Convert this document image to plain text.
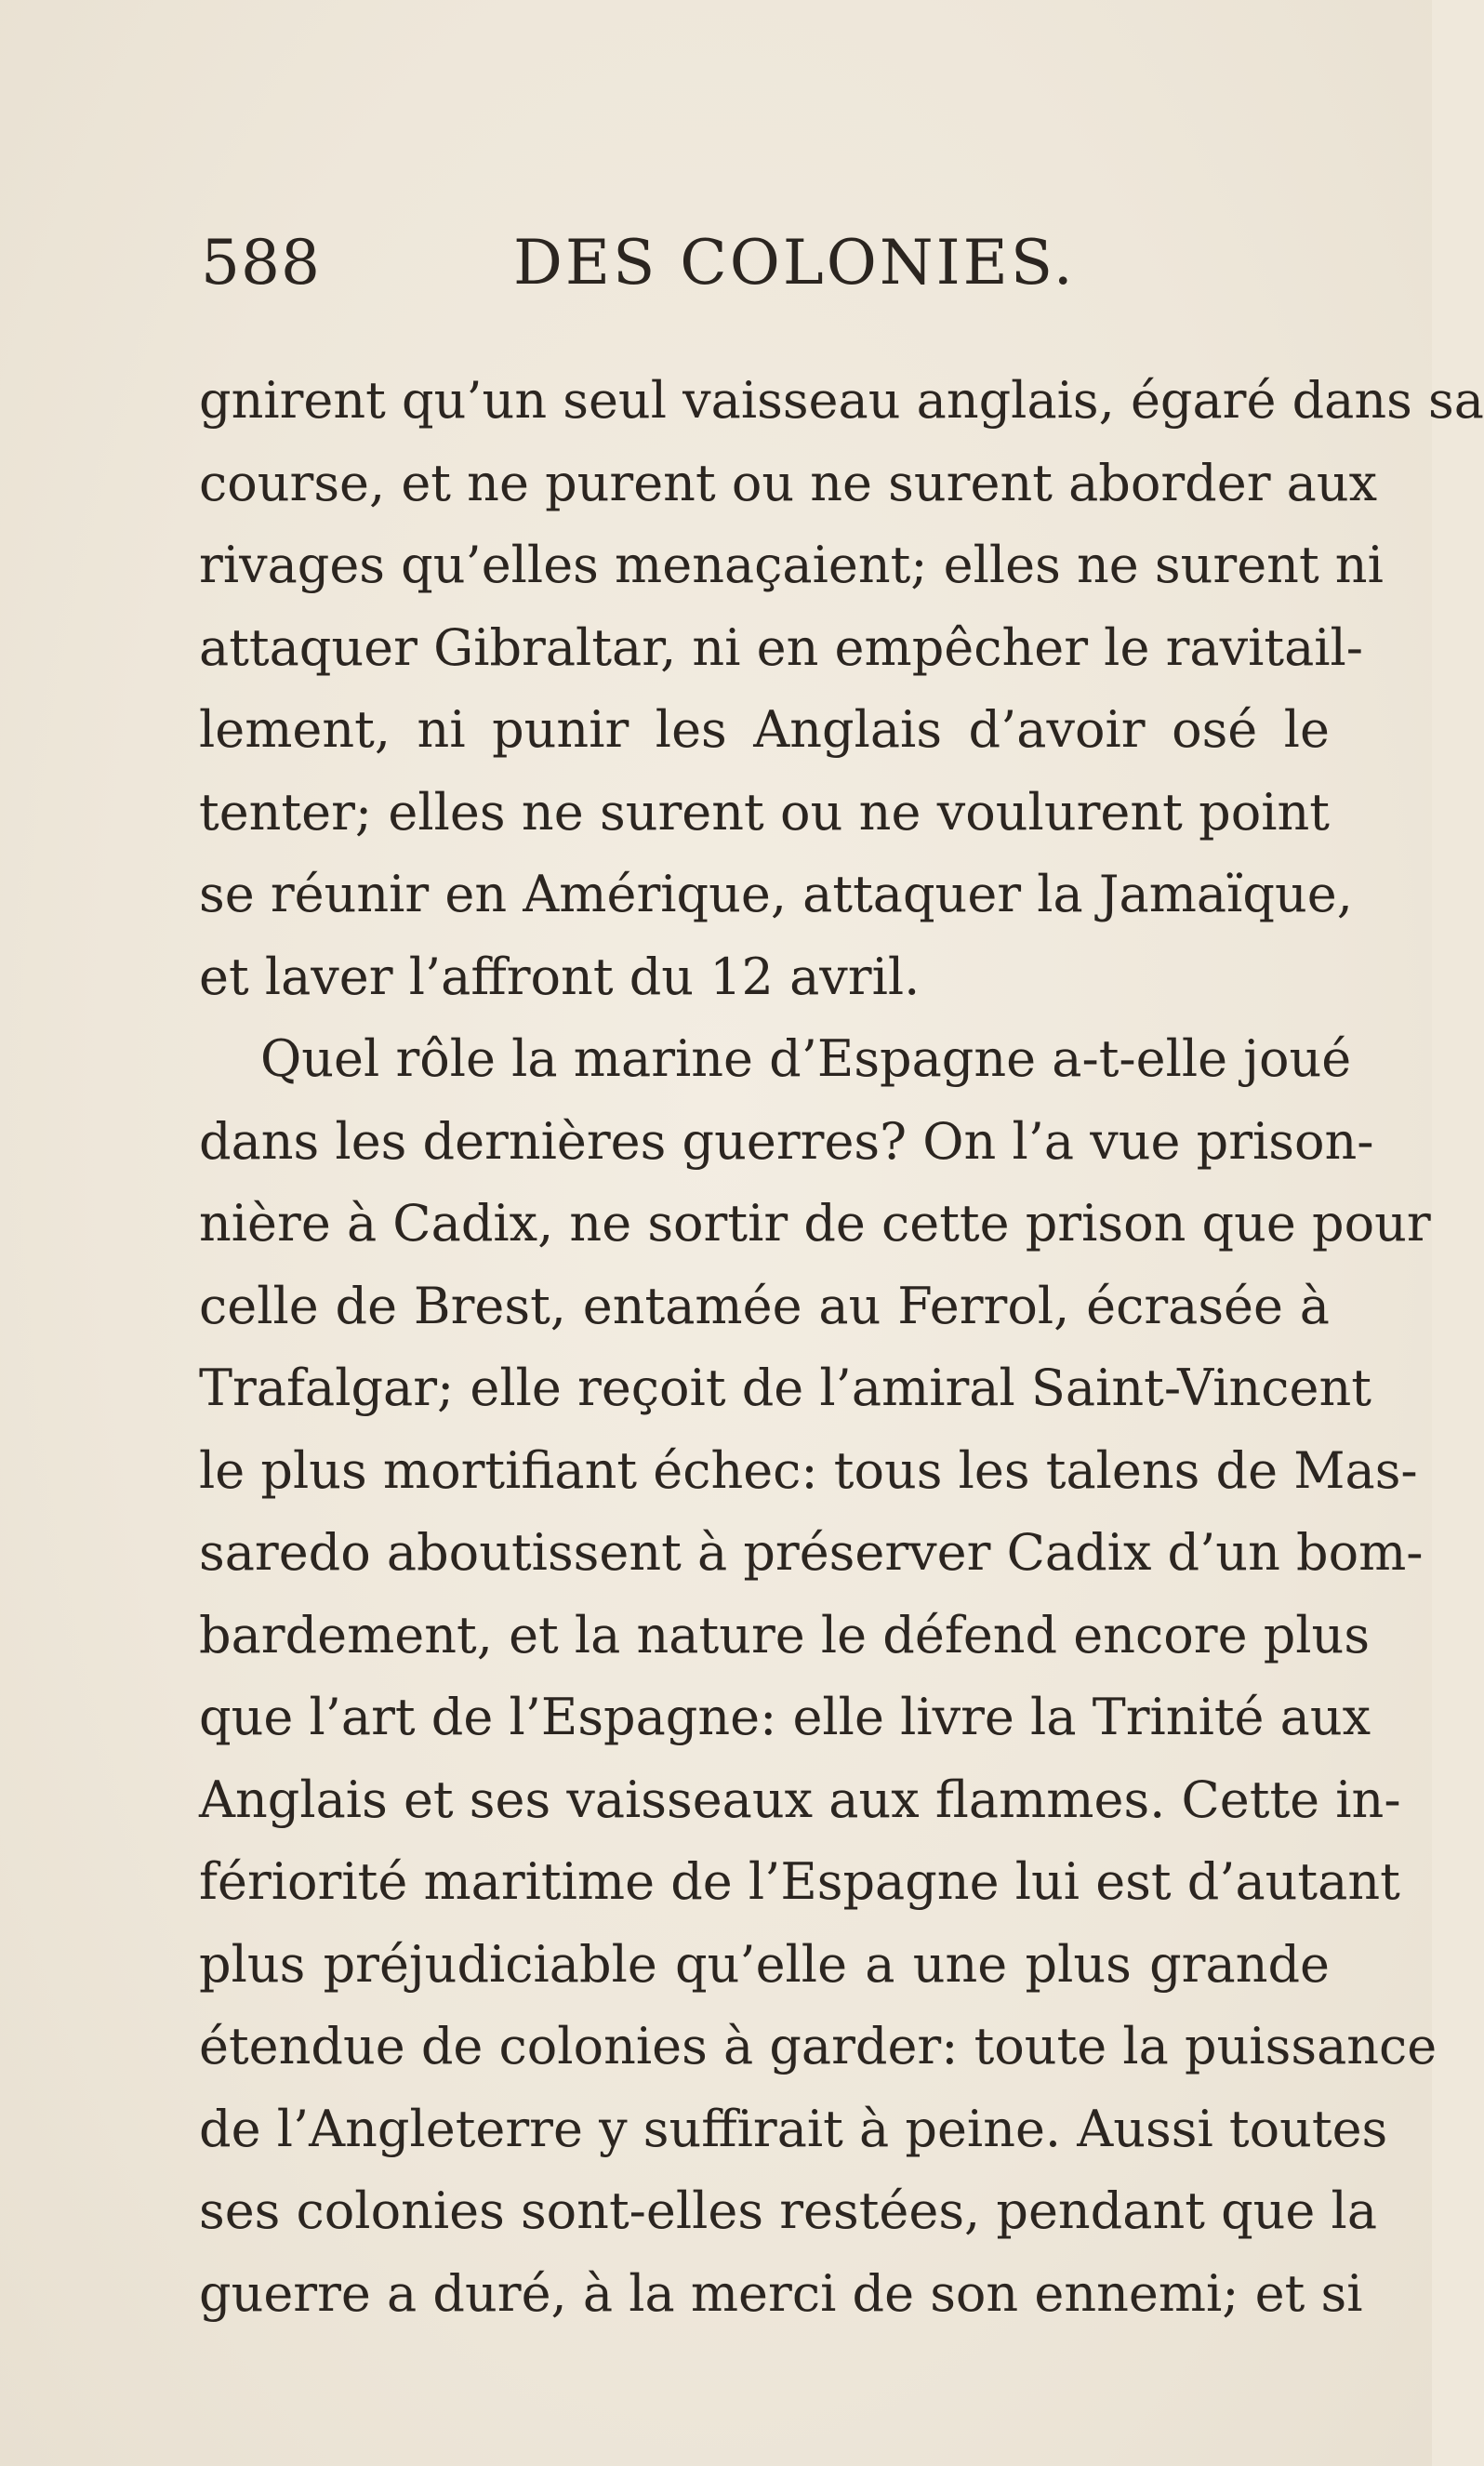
588	DES COLONIES.
gnirent qu’un seul vaisseau anglais, égaré dans sa
course, et ne purent ou ne surent aborder aux
rivages qu’elles menaçaient; elles ne surent ni
attaquer Gibraltar, ni en empêcher le ravitail-
lement, ni punir les Anglais d’avoir osé le
tenter; elles ne surent ou ne voulurent point
se réunir en Amérique, attaquer la Jamaïque,
et laver l’affront du 12 avril.
Quel rôle la marine d’Espagne a-t-elle joué
dans les dernières guerres? On l’a vue prison-
nière à Cadix, ne sortir de cette prison que pour
celle de Brest, entamée au Ferrol, écrasée à
Trafalgar; elle reçoit de l’amiral Saint-Vincent
le plus mortifiant échec: tous les talens de Mas-
saredo aboutissent à préserver Cadix d’un bom-
bardement, et la nature le défend encore plus
que l’art de l’Espagne: elle livre la Trinité aux
Anglais et ses vaisseaux aux flammes. Cette in-
fériorité maritime de l’Espagne lui est d’autant
plus préjudiciable qu’elle a une plus grande
étendue de colonies à garder: toute la puissance
de l’Angleterre y suffirait à peine. Aussi toutes
ses colonies sont-elles restées, pendant que la
guerre a duré, à la merci de son ennemi; et si
